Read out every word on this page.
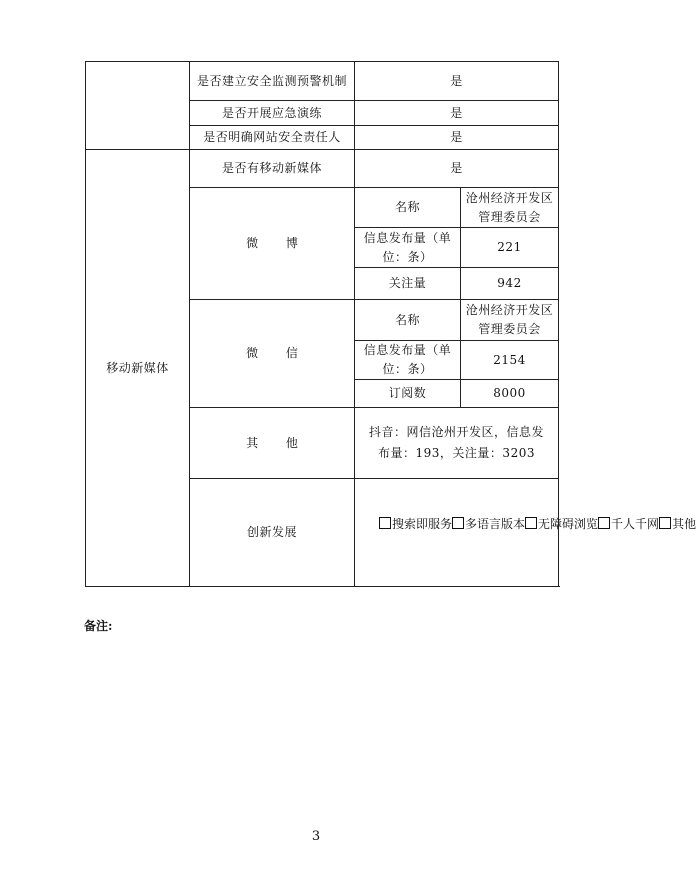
	是否建立安全监测预警机制	是	
	是否开展应急演练	是	
	是否明确网站安全责任人	是	
移动新媒体	是否有移动新媒体	是	
	微 博	名称	沧州经济开发区管理委员会
		信息发布量（单位：条）	221
		关注量	942
	微 信	名称	沧州经济开发区管理委员会
		信息发布量（单位：条）	2154
		订阅数	8000
	其 他	抖音：网信沧州开发区，信息发布量：193，关注量：3203	
	创新发展	搜索即服务 多语言版本 无障碍浏览 千人千网 其他	
备注:
3
